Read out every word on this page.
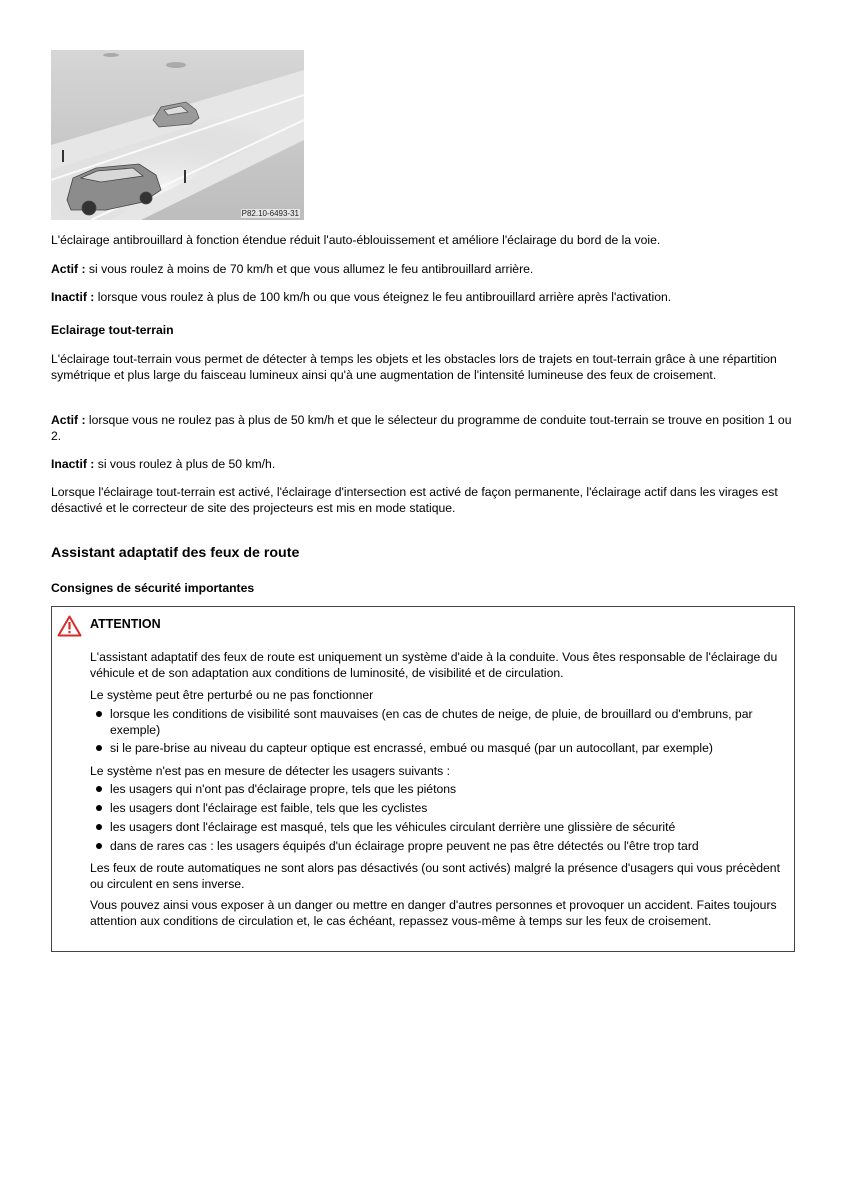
P82.10-6493-31

L'éclairage antibrouillard à fonction étendue réduit l'auto-éblouissement et améliore l'éclairage du bord de la voie.

Actif : si vous roulez à moins de 70 km/h et que vous allumez le feu antibrouillard arrière.

Inactif : lorsque vous roulez à plus de 100 km/h ou que vous éteignez le feu antibrouillard arrière après l'activation.

Eclairage tout-terrain

L'éclairage tout-terrain vous permet de détecter à temps les objets et les obstacles lors de trajets en tout-terrain grâce à une répartition symétrique et plus large du faisceau lumineux ainsi qu'à une augmentation de l'intensité lumineuse des feux de croisement.

Actif : lorsque vous ne roulez pas à plus de 50 km/h et que le sélecteur du programme de conduite tout-terrain se trouve en position 1 ou 2.

Inactif : si vous roulez à plus de 50 km/h.

Lorsque l'éclairage tout-terrain est activé, l'éclairage d'intersection est activé de façon permanente, l'éclairage actif dans les virages est désactivé et le correcteur de site des projecteurs est mis en mode statique.

Assistant adaptatif des feux de route

Consignes de sécurité importantes

ATTENTION

L'assistant adaptatif des feux de route est uniquement un système d'aide à la conduite. Vous êtes responsable de l'éclairage du véhicule et de son adaptation aux conditions de luminosité, de visibilité et de circulation.

Le système peut être perturbé ou ne pas fonctionner

lorsque les conditions de visibilité sont mauvaises (en cas de chutes de neige, de pluie, de brouillard ou d'embruns, par exemple)

si le pare-brise au niveau du capteur optique est encrassé, embué ou masqué (par un autocollant, par exemple)

Le système n'est pas en mesure de détecter les usagers suivants :

les usagers qui n'ont pas d'éclairage propre, tels que les piétons

les usagers dont l'éclairage est faible, tels que les cyclistes

les usagers dont l'éclairage est masqué, tels que les véhicules circulant derrière une glissière de sécurité

dans de rares cas : les usagers équipés d'un éclairage propre peuvent ne pas être détectés ou l'être trop tard

Les feux de route automatiques ne sont alors pas désactivés (ou sont activés) malgré la présence d'usagers qui vous précèdent ou circulent en sens inverse.

Vous pouvez ainsi vous exposer à un danger ou mettre en danger d'autres personnes et provoquer un accident. Faites toujours attention aux conditions de circulation et, le cas échéant, repassez vous-même à temps sur les feux de croisement.
